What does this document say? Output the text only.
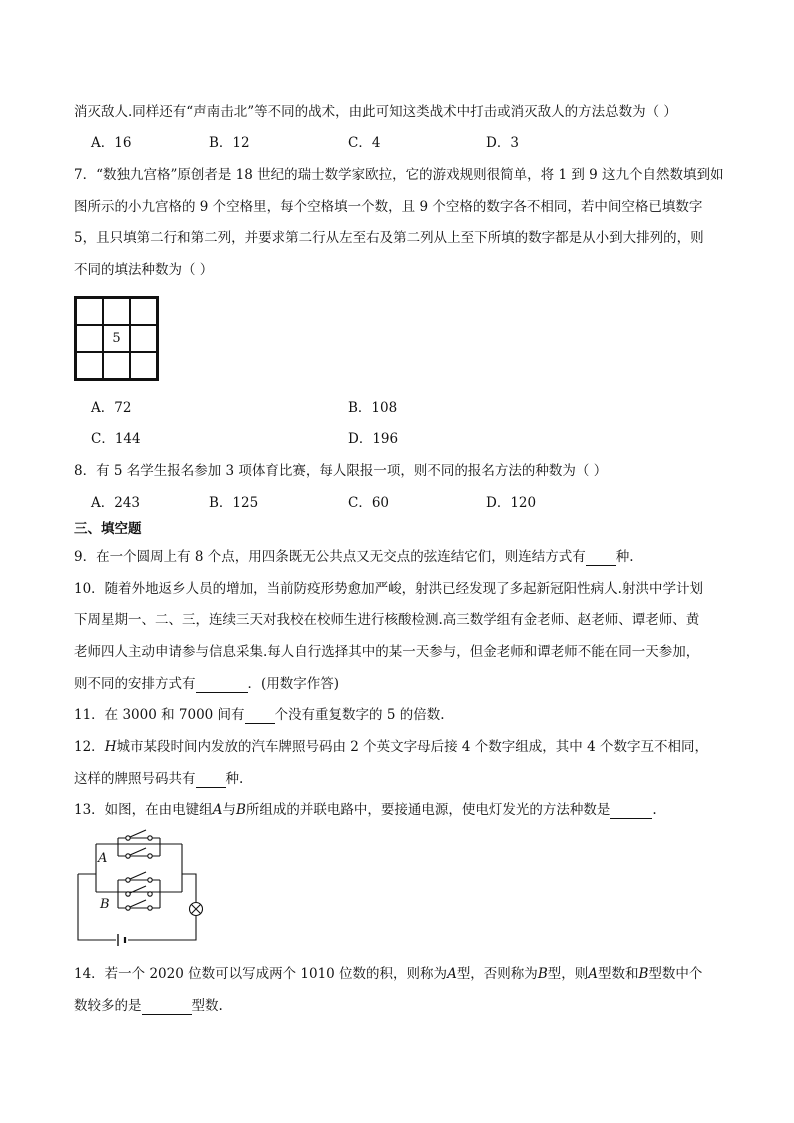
消灭敌人.同样还有“声南击北”等不同的战术，由此可知这类战术中打击或消灭敌人的方法总数为（ ）
A．16	B．12	C．4	D．3
7．“数独九宫格”原创者是 18 世纪的瑞士数学家欧拉，它的游戏规则很简单，将 1 到 9 这九个自然数填到如
图所示的小九宫格的 9 个空格里，每个空格填一个数，且 9 个空格的数字各不相同，若中间空格已填数字
5，且只填第二行和第二列，并要求第二行从左至右及第二列从上至下所填的数字都是从小到大排列的，则
不同的填法种数为（ ）
5
A．72	B．108
C．144	D．196
8．有 5 名学生报名参加 3 项体育比赛，每人限报一项，则不同的报名方法的种数为（ ）
A．243	B．125	C．60	D．120
三、填空题
9．在一个圆周上有 8 个点，用四条既无公共点又无交点的弦连结它们，则连结方式有 种.
10．随着外地返乡人员的增加，当前防疫形势愈加严峻，射洪已经发现了多起新冠阳性病人.射洪中学计划
下周星期一、二、三，连续三天对我校在校师生进行核酸检测.高三数学组有金老师、赵老师、谭老师、黄
老师四人主动申请参与信息采集.每人自行选择其中的某一天参与，但金老师和谭老师不能在同一天参加，
则不同的安排方式有	．(用数字作答)
11．在 3000 和 7000 间有 个没有重复数字的 5 的倍数.
12．H城市某段时间内发放的汽车牌照号码由 2 个英文字母后接 4 个数字组成，其中 4 个数字互不相同，
这样的牌照号码共有 种.
13．如图，在由电键组A与B所组成的并联电路中，要接通电源，使电灯发光的方法种数是	.
A
B
14．若一个 2020 位数可以写成两个 1010 位数的积，则称为A型，否则称为B型，则A型数和B型数中个
数较多的是	型数.
